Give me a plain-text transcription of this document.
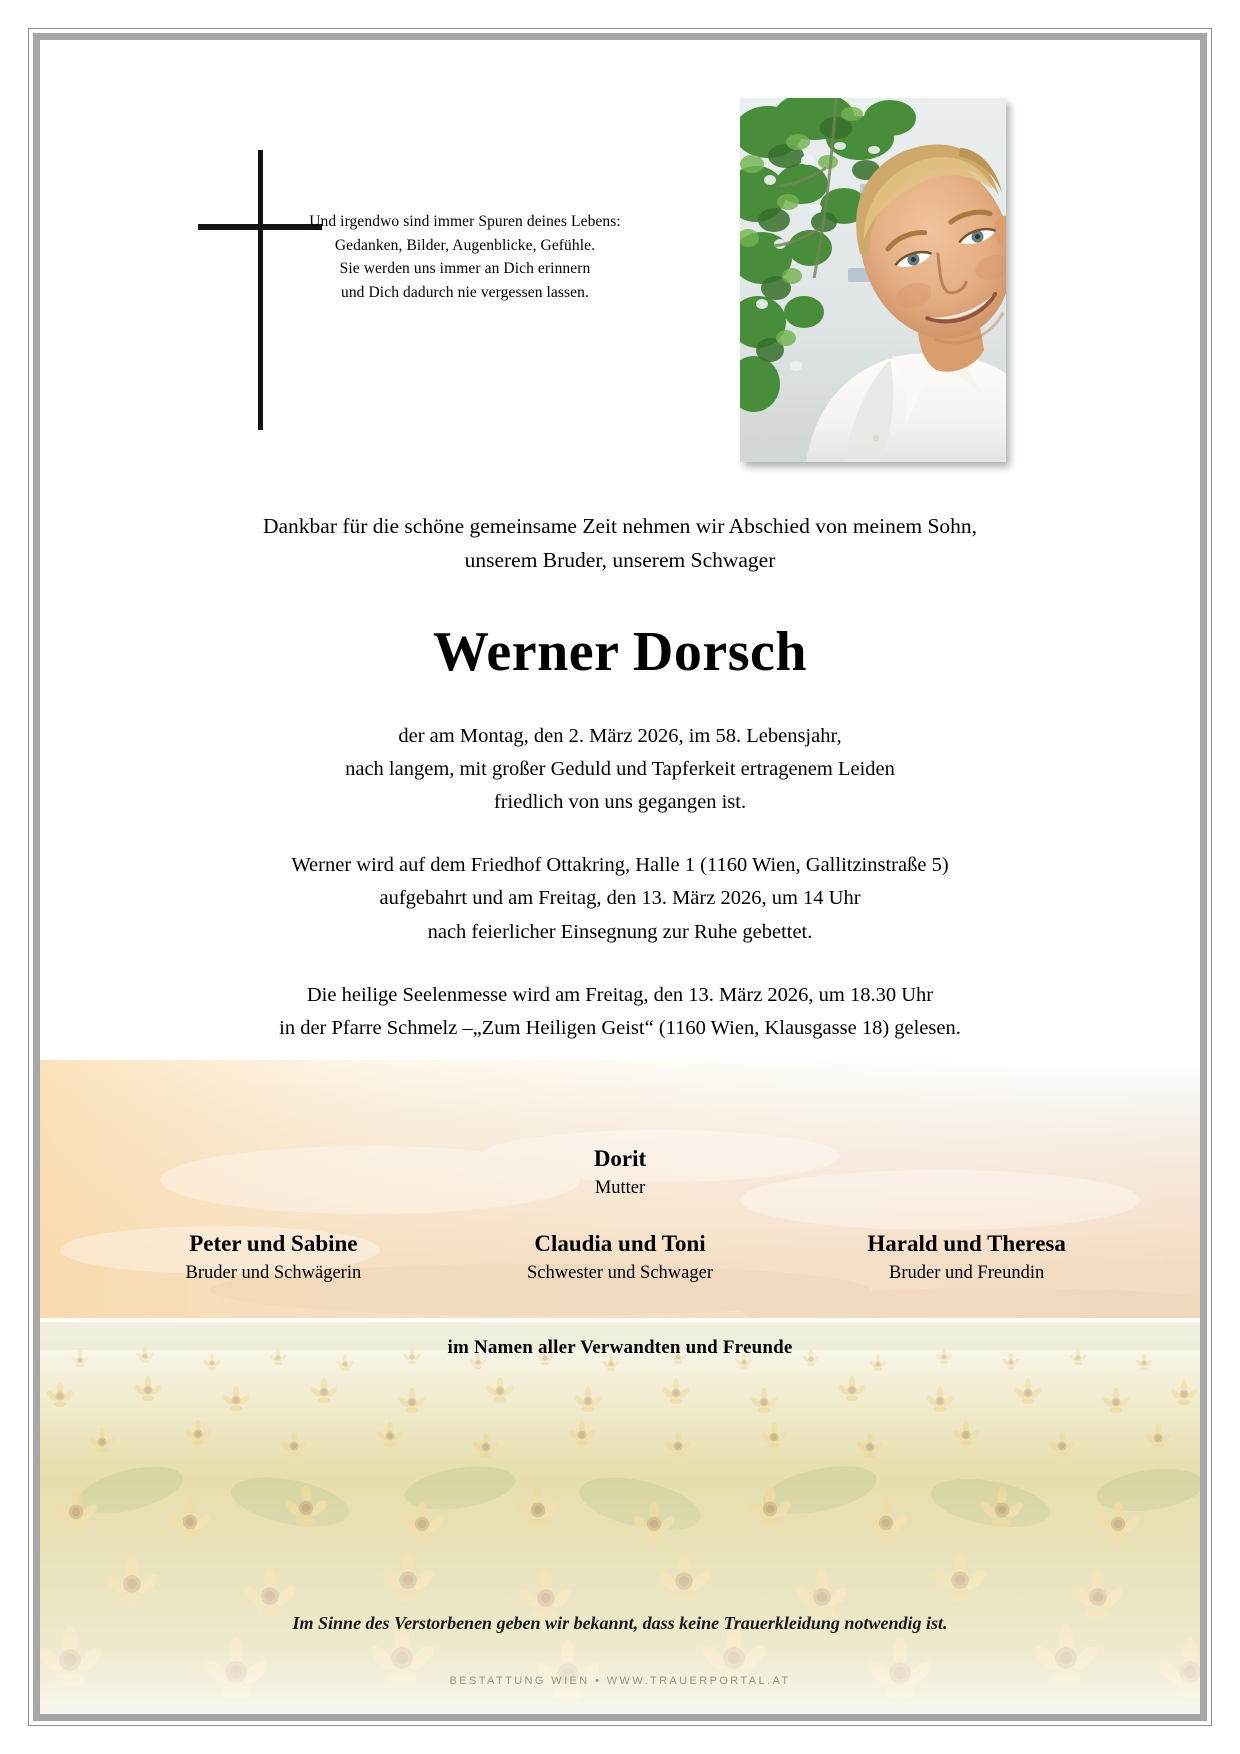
Und irgendwo sind immer Spuren deines Lebens:
Gedanken, Bilder, Augenblicke, Gefühle.
Sie werden uns immer an Dich erinnern
und Dich dadurch nie vergessen lassen.
Dankbar für die schöne gemeinsame Zeit nehmen wir Abschied von meinem Sohn,
unserem Bruder, unserem Schwager
Werner Dorsch
der am Montag, den 2. März 2026, im 58. Lebensjahr,
nach langem, mit großer Geduld und Tapferkeit ertragenem Leiden
friedlich von uns gegangen ist.
Werner wird auf dem Friedhof Ottakring, Halle 1 (1160 Wien, Gallitzinstraße 5)
aufgebahrt und am Freitag, den 13. März 2026, um 14 Uhr
nach feierlicher Einsegnung zur Ruhe gebettet.
Die heilige Seelenmesse wird am Freitag, den 13. März 2026, um 18.30 Uhr
in der Pfarre Schmelz –„Zum Heiligen Geist“ (1160 Wien, Klausgasse 18) gelesen.
Dorit
Mutter
Peter und Sabine
Bruder und Schwägerin
Claudia und Toni
Schwester und Schwager
Harald und Theresa
Bruder und Freundin
im Namen aller Verwandten und Freunde
Im Sinne des Verstorbenen geben wir bekannt, dass keine Trauerkleidung notwendig ist.
BESTATTUNG WIEN • WWW.TRAUERPORTAL.AT
